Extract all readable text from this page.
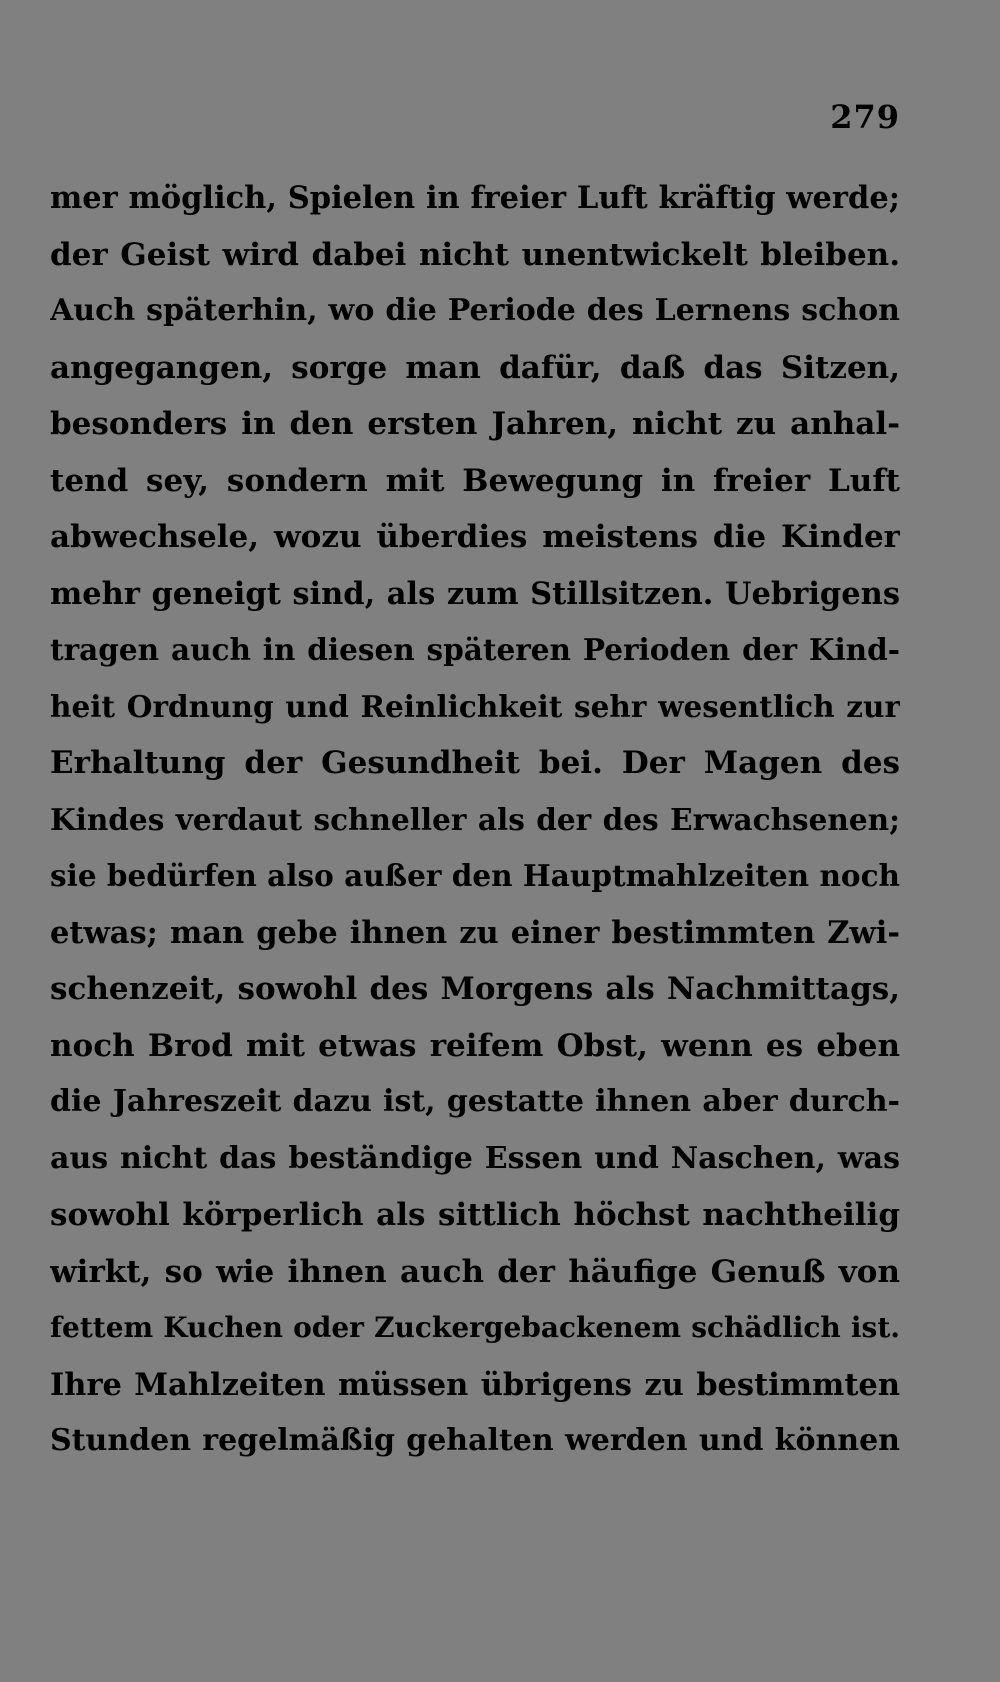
279
mer möglich, Spielen in freier Luft kräftig werde;
der Geist wird dabei nicht unentwickelt bleiben.
Auch späterhin, wo die Periode des Lernens schon
angegangen, sorge man dafür, daß das Sitzen,
besonders in den ersten Jahren, nicht zu anhal-
tend sey, sondern mit Bewegung in freier Luft
abwechsele, wozu überdies meistens die Kinder
mehr geneigt sind, als zum Stillsitzen. Uebrigens
tragen auch in diesen späteren Perioden der Kind-
heit Ordnung und Reinlichkeit sehr wesentlich zur
Erhaltung der Gesundheit bei. Der Magen des
Kindes verdaut schneller als der des Erwachsenen;
sie bedürfen also außer den Hauptmahlzeiten noch
etwas; man gebe ihnen zu einer bestimmten Zwi-
schenzeit, sowohl des Morgens als Nachmittags,
noch Brod mit etwas reifem Obst, wenn es eben
die Jahreszeit dazu ist, gestatte ihnen aber durch-
aus nicht das beständige Essen und Naschen, was
sowohl körperlich als sittlich höchst nachtheilig
wirkt, so wie ihnen auch der häufige Genuß von
fettem Kuchen oder Zuckergebackenem schädlich ist.
Ihre Mahlzeiten müssen übrigens zu bestimmten
Stunden regelmäßig gehalten werden und können
